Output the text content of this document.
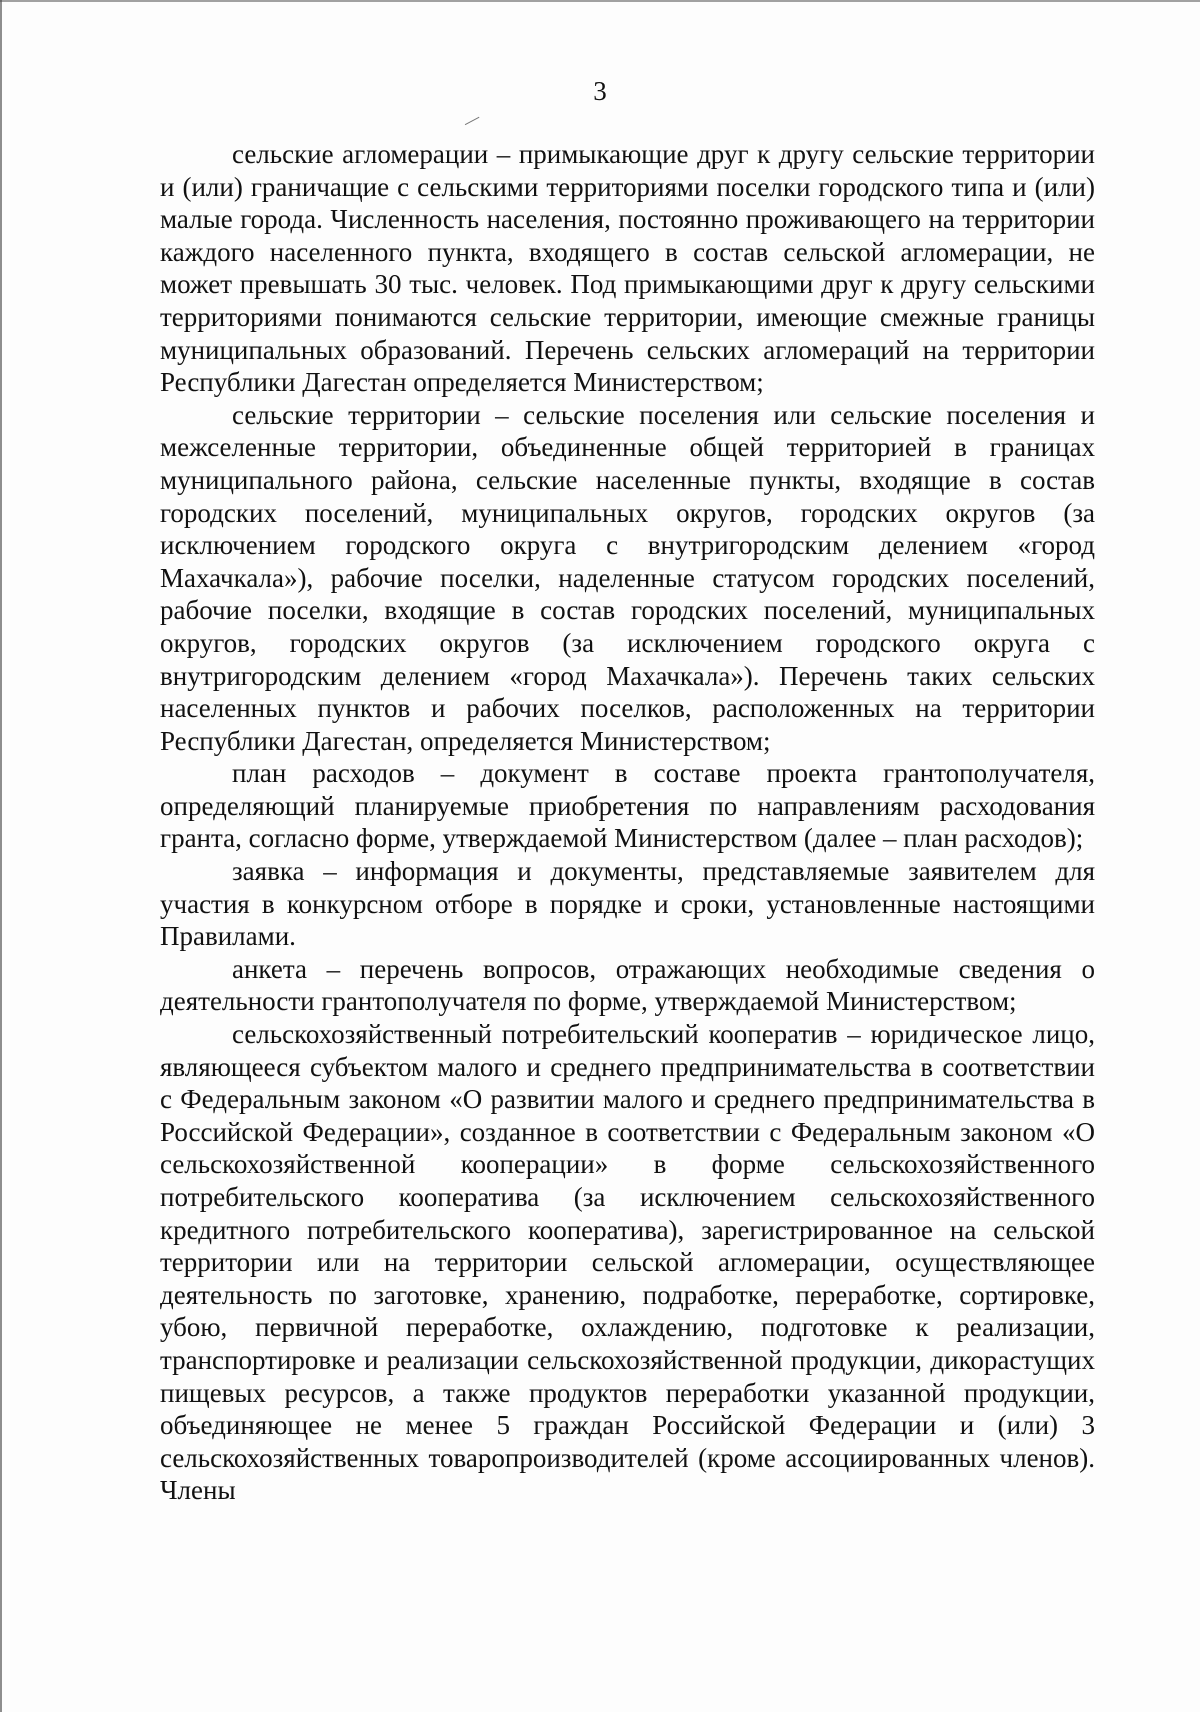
3

сельские агломерации – примыкающие друг к другу сельские территории и (или) граничащие с сельскими территориями поселки городского типа и (или) малые города. Численность населения, постоянно проживающего на территории каждого населенного пункта, входящего в состав сельской агломерации, не может превышать 30 тыс. человек. Под примыкающими друг к другу сельскими территориями понимаются сельские территории, имеющие смежные границы муниципальных образований. Перечень сельских агломераций на территории Республики Дагестан определяется Министерством;

сельские территории – сельские поселения или сельские поселения и межселенные территории, объединенные общей территорией в границах муниципального района, сельские населенные пункты, входящие в состав городских поселений, муниципальных округов, городских округов (за исключением городского округа с внутригородским делением «город Махачкала»), рабочие поселки, наделенные статусом городских поселений, рабочие поселки, входящие в состав городских поселений, муниципальных округов, городских округов (за исключением городского округа с внутригородским делением «город Махачкала»). Перечень таких сельских населенных пунктов и рабочих поселков, расположенных на территории Республики Дагестан, определяется Министерством;

план расходов – документ в составе проекта грантополучателя, определяющий планируемые приобретения по направлениям расходования гранта, согласно форме, утверждаемой Министерством (далее – план расходов);

заявка – информация и документы, представляемые заявителем для участия в конкурсном отборе в порядке и сроки, установленные настоящими Правилами.

анкета – перечень вопросов, отражающих необходимые сведения о деятельности грантополучателя по форме, утверждаемой Министерством;

сельскохозяйственный потребительский кооператив – юридическое лицо, являющееся субъектом малого и среднего предпринимательства в соответствии с Федеральным законом «О развитии малого и среднего предпринимательства в Российской Федерации», созданное в соответствии с Федеральным законом «О сельскохозяйственной кооперации» в форме сельскохозяйственного потребительского кооператива (за исключением сельскохозяйственного кредитного потребительского кооператива), зарегистрированное на сельской территории или на территории сельской агломерации, осуществляющее деятельность по заготовке, хранению, подработке, переработке, сортировке, убою, первичной переработке, охлаждению, подготовке к реализации, транспортировке и реализации сельскохозяйственной продукции, дикорастущих пищевых ресурсов, а также продуктов переработки указанной продукции, объединяющее не менее 5 граждан Российской Федерации и (или) 3 сельскохозяйственных товаропроизводителей (кроме ассоциированных членов). Члены
